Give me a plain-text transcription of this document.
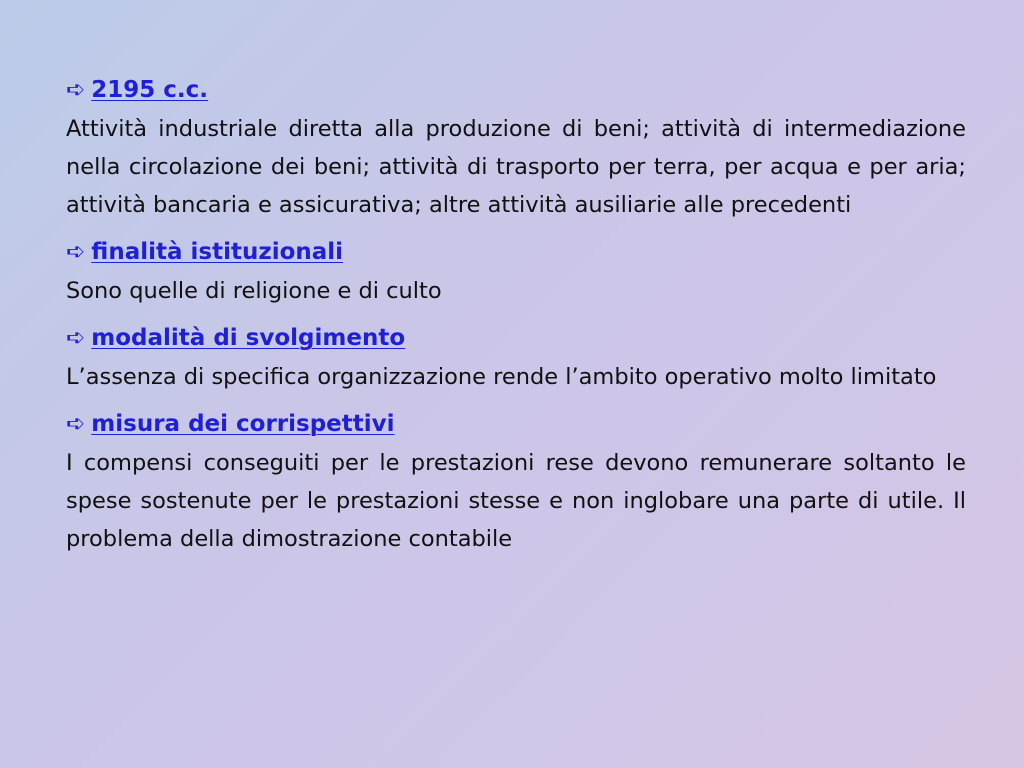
➪ 2195 c.c.

Attività industriale diretta alla produzione di beni; attività di intermediazione nella circolazione dei beni; attività di trasporto per terra, per acqua e per aria; attività bancaria e assicurativa; altre attività ausiliarie alle precedenti

➪ finalità istituzionali

Sono quelle di religione e di culto

➪ modalità di svolgimento

L’assenza di specifica organizzazione rende l’ambito operativo molto limitato

➪ misura dei corrispettivi

I compensi conseguiti per le prestazioni rese devono remunerare soltanto le spese sostenute per le prestazioni stesse e non inglobare una parte di utile. Il problema della dimostrazione contabile
